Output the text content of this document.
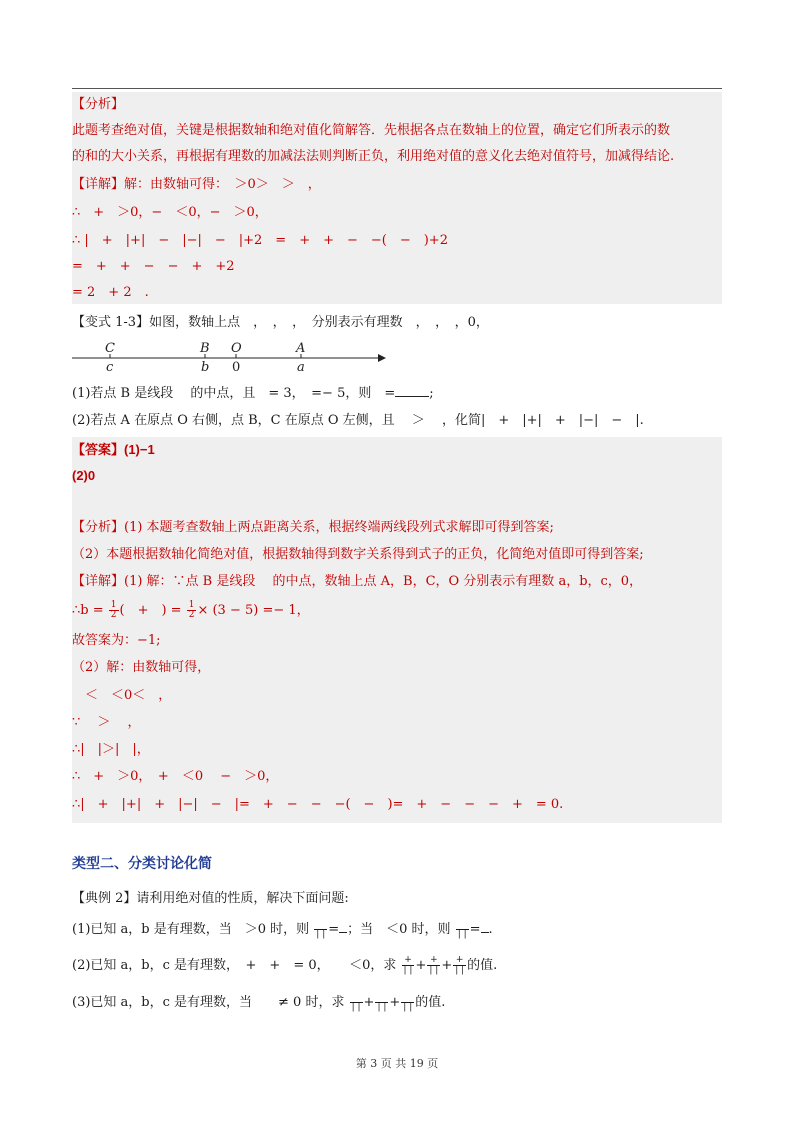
【分析】
此题考查绝对值，关键是根据数轴和绝对值化简解答．先根据各点在数轴上的位置，确定它们所表示的数
的和的大小关系，再根据有理数的加减法法则判断正负，利用绝对值的意义化去绝对值符号，加减得结论.
【详解】解：由数轴可得：　＞0＞　＞　，
∴　+　＞0，−　＜0，−　＞0，
∴ |　+　|+|　−　|−|　−　|+2　=　+　+　−　−(　−　)+2
=　+　+　−　−　+　+2
= 2　+ 2　.
【变式 1-3】如图，数轴上点　，　，　，　分别表示有理数　，　，　，0，
C
c
B
b
O
0
A
a
(1)若点 B 是线段　 的中点，且　= 3，　=− 5，则　=	;
(2)若点 A 在原点 O 右侧，点 B，C 在原点 O 左侧，且　 ＞　 ，化简|　+　|+|　+　|−|　−　|.
【答案】(1)−1
(2)0
【分析】(1) 本题考查数轴上两点距离关系，根据终端两线段列式求解即可得到答案;
（2）本题根据数轴化简绝对值，根据数轴得到数字关系得到式子的正负，化简绝对值即可得到答案;
【详解】(1) 解：∵点 B 是线段　 的中点，数轴上点 A，B，C，O 分别表示有理数 a，b，c，0，
∴b = $\frac{1}{2}$ (　+　) = $\frac{1}{2} \times (3 - 5) =- 1$，
故答案为：−1;
（2）解：由数轴可得，
　＜　＜0＜　，
∵　 ＞　 ，
∴|　|＞|　|，
∴　+　＞0，　+　＜0　 −　＞0，
∴|　+　|+|　+　|−|　−　|=　+　−　−　−(　−　)=　+　−　−　−　+　= 0.
类型二、分类讨论化简
【典例 2】请利用绝对值的性质，解决下面问题:
(1)已知 a，b 是有理数，当　＞0 时，则
| | = ；当　＜0 时，则
| | = .
(2)已知 a，b，c 是有理数，　+　+　= 0，　　＜0，求 $\frac{+}{| |} + \frac{+}{| |} + \frac{+}{| |}$ 的值.
(3)已知 a，b，c 是有理数，当　　≠ 0 时，求
| | +
| | +
| | 的值.
第 3 页 共 19 页
